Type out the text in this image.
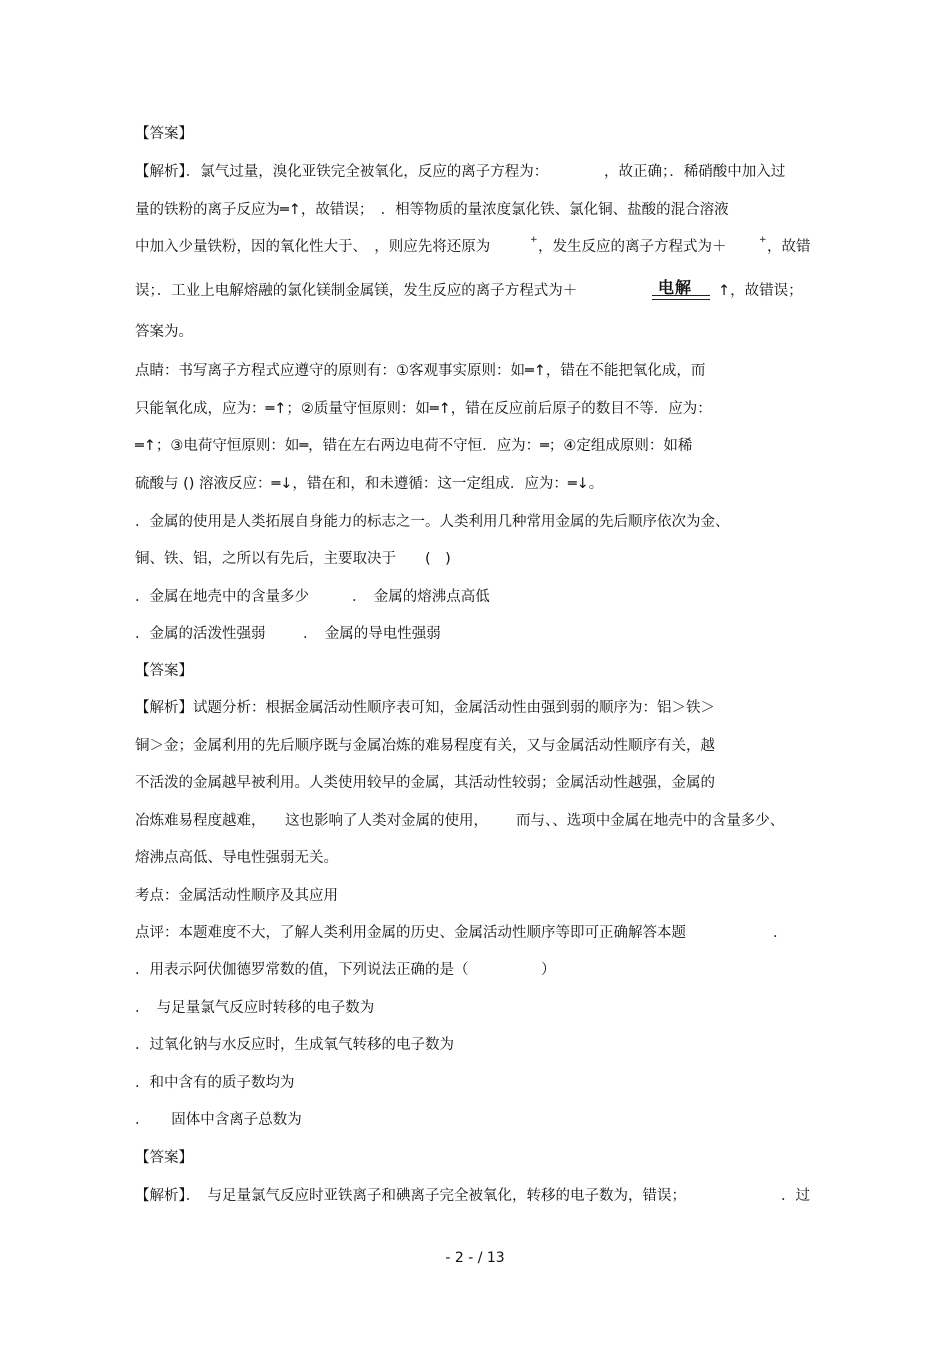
【答案】
【解析】．氯气过量，溴化亚铁完全被氧化，反应的离子方程为：	，故正确；．稀硝酸中加入过
量的铁粉的离子反应为═↑，故错误；　．相等物质的量浓度氯化铁、氯化铜、盐酸的混合溶液
中加入少量铁粉，因的氧化性大于、　，则应先将还原为	+ ，发生反应的离子方程式为＋	+ ，故错
误；．工业上电解熔融的氯化镁制金属镁，发生反应的离子方程式为＋	电解 ↑，故错误；
答案为。
点睛：书写离子方程式应遵守的原则有：①客观事实原则：如═↑，错在不能把氧化成，而
只能氧化成，应为：═↑；②质量守恒原则：如═↑，错在反应前后原子的数目不等．应为：
═↑；③电荷守恒原则：如═，错在左右两边电荷不守恒．应为：═；④定组成原则：如稀
硫酸与 () 溶液反应：═↓，错在和，和未遵循：这一定组成．应为：═↓。
．金属的使用是人类拓展自身能力的标志之一。人类利用几种常用金属的先后顺序依次为金、
铜、铁、铝，之所以有先后，主要取决于　　(　)
．金属在地壳中的含量多少	．　金属的熔沸点高低
．金属的活泼性强弱	．　金属的导电性强弱
【答案】
【解析】试题分析：根据金属活动性顺序表可知，金属活动性由强到弱的顺序为：铝＞铁＞
铜＞金；金属利用的先后顺序既与金属冶炼的难易程度有关，又与金属活动性顺序有关，越
不活泼的金属越早被利用。人类使用较早的金属，其活动性较弱；金属活动性越强，金属的
冶炼难易程度越难， 这也影响了人类对金属的使用， 而与、、选项中金属在地壳中的含量多少、
熔沸点高低、导电性强弱无关。
考点：金属活动性顺序及其应用
点评：本题难度不大，了解人类利用金属的历史、金属活动性顺序等即可正确解答本题	．
．用表示阿伏伽德罗常数的值，下列说法正确的是（　　　　　）
．　与足量氯气反应时转移的电子数为
．过氧化钠与水反应时，生成氧气转移的电子数为
．和中含有的质子数均为
．　　固体中含离子总数为
【答案】
【解析】．　与足量氯气反应时亚铁离子和碘离子完全被氧化，转移的电子数为，错误；	．过
- 2 - / 13
